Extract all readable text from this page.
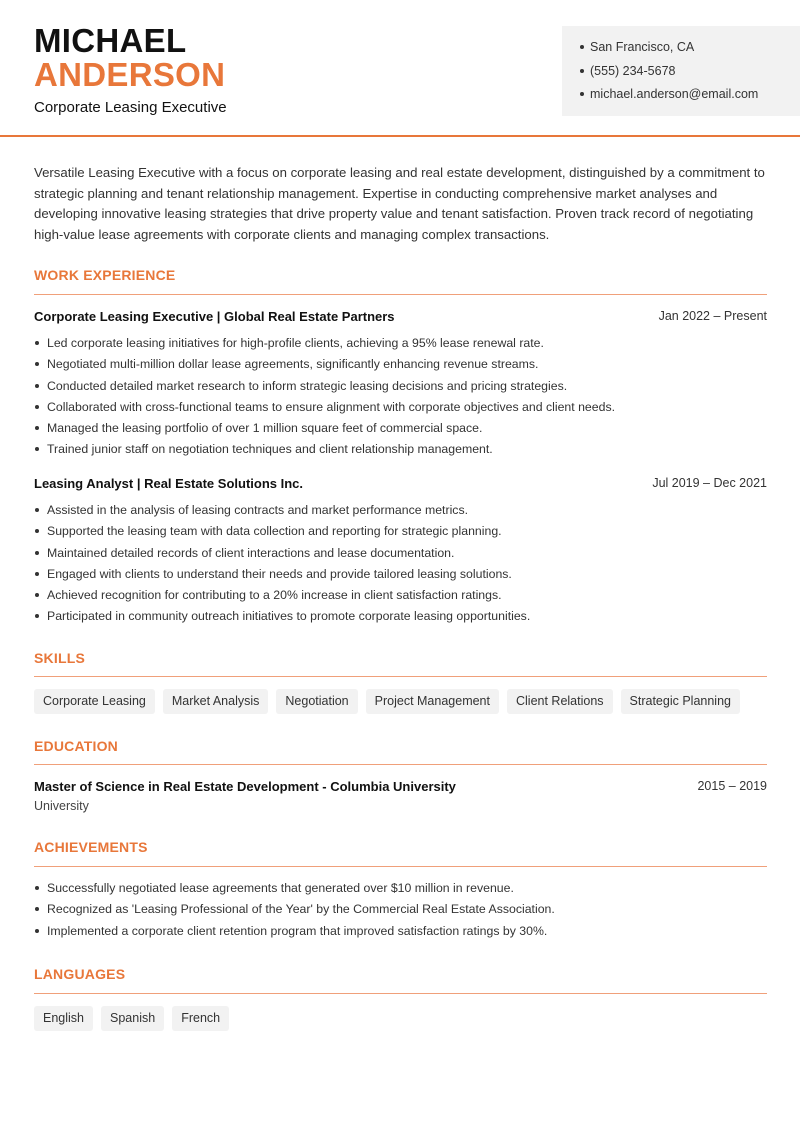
MICHAEL
ANDERSON
Corporate Leasing Executive
San Francisco, CA
(555) 234-5678
michael.anderson@email.com
Versatile Leasing Executive with a focus on corporate leasing and real estate development, distinguished by a commitment to strategic planning and tenant relationship management. Expertise in conducting comprehensive market analyses and developing innovative leasing strategies that drive property value and tenant satisfaction. Proven track record of negotiating high-value lease agreements with corporate clients and managing complex transactions.
WORK EXPERIENCE
Corporate Leasing Executive | Global Real Estate Partners	Jan 2022 – Present
Led corporate leasing initiatives for high-profile clients, achieving a 95% lease renewal rate.
Negotiated multi-million dollar lease agreements, significantly enhancing revenue streams.
Conducted detailed market research to inform strategic leasing decisions and pricing strategies.
Collaborated with cross-functional teams to ensure alignment with corporate objectives and client needs.
Managed the leasing portfolio of over 1 million square feet of commercial space.
Trained junior staff on negotiation techniques and client relationship management.
Leasing Analyst | Real Estate Solutions Inc.	Jul 2019 – Dec 2021
Assisted in the analysis of leasing contracts and market performance metrics.
Supported the leasing team with data collection and reporting for strategic planning.
Maintained detailed records of client interactions and lease documentation.
Engaged with clients to understand their needs and provide tailored leasing solutions.
Achieved recognition for contributing to a 20% increase in client satisfaction ratings.
Participated in community outreach initiatives to promote corporate leasing opportunities.
SKILLS
Corporate Leasing	Market Analysis	Negotiation	Project Management	Client Relations	Strategic Planning
EDUCATION
Master of Science in Real Estate Development - Columbia University	2015 – 2019
University
ACHIEVEMENTS
Successfully negotiated lease agreements that generated over $10 million in revenue.
Recognized as 'Leasing Professional of the Year' by the Commercial Real Estate Association.
Implemented a corporate client retention program that improved satisfaction ratings by 30%.
LANGUAGES
English	Spanish	French
